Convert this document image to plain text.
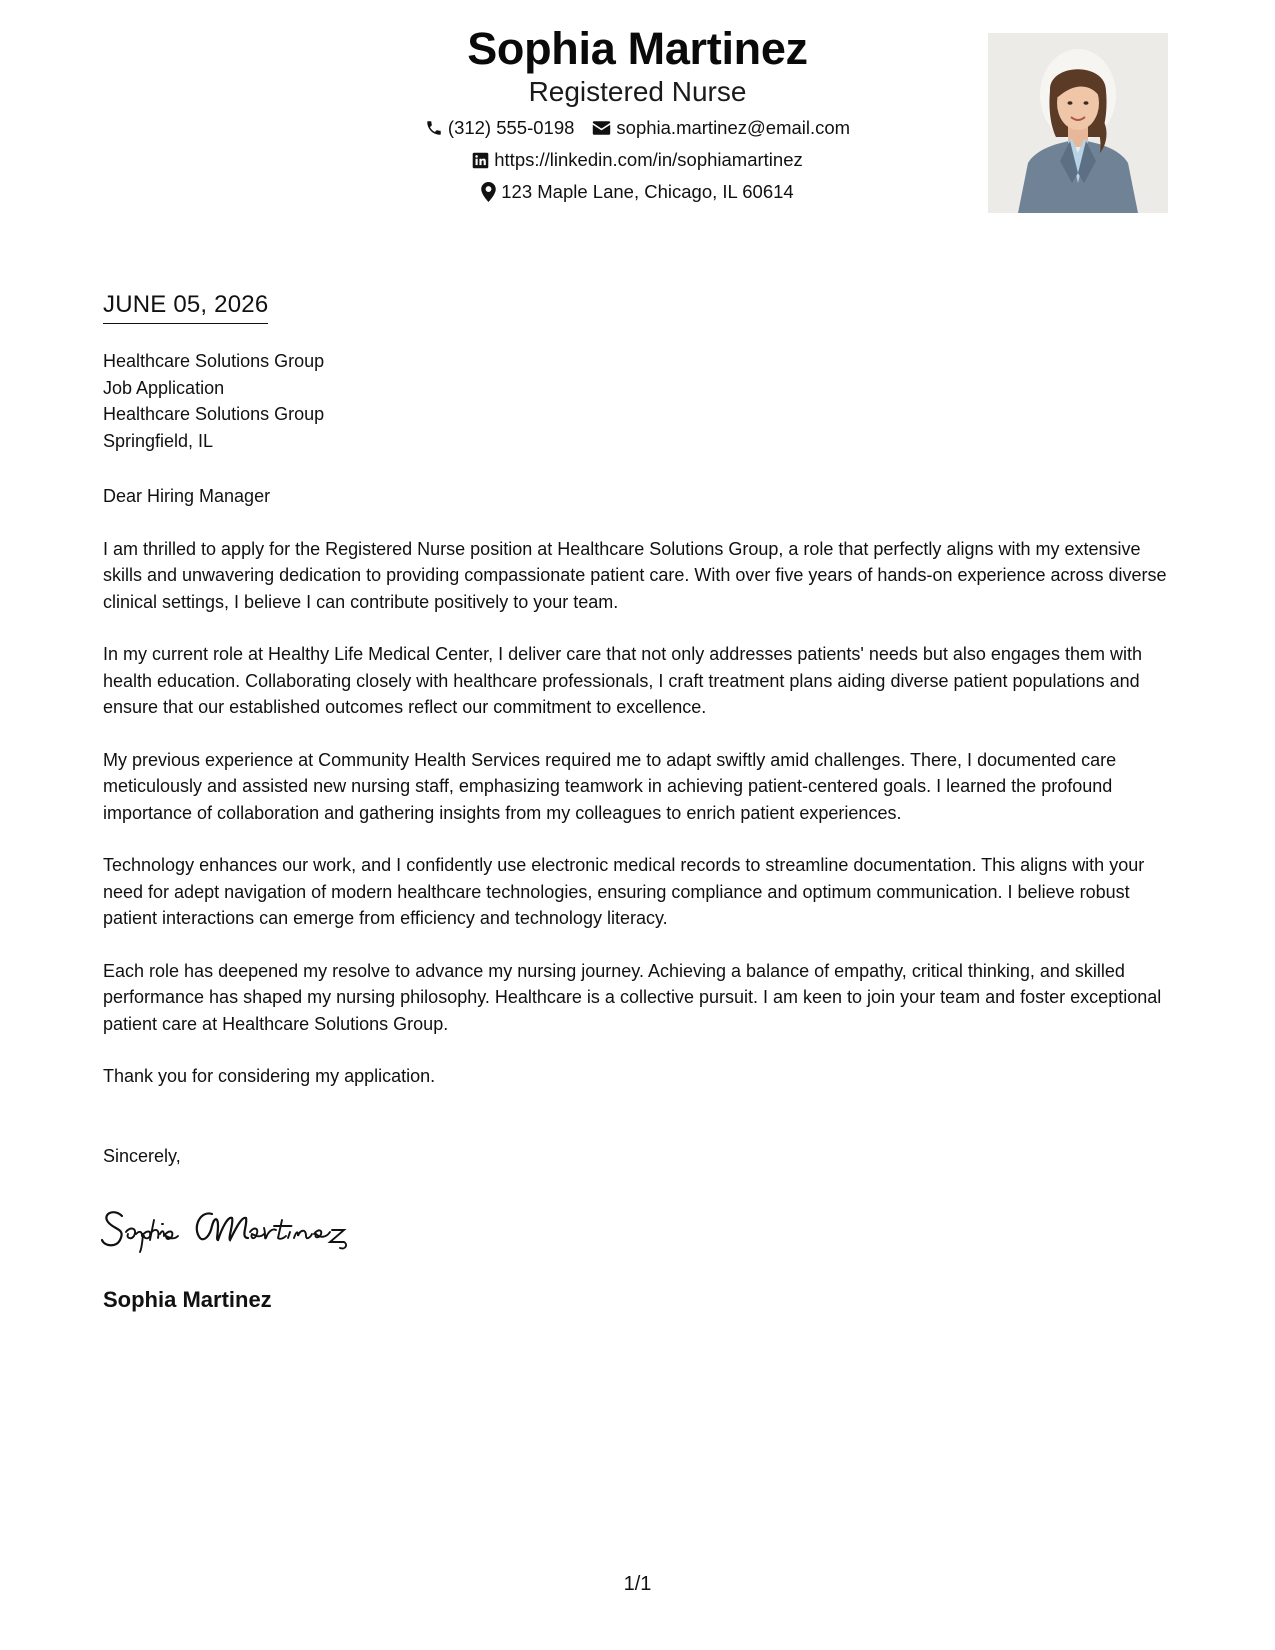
Sophia Martinez
Registered Nurse
(312) 555-0198 sophia.martinez@email.com
https://linkedin.com/in/sophiamartinez
123 Maple Lane, Chicago, IL 60614
JUNE 05, 2026
Healthcare Solutions Group
Job Application
Healthcare Solutions Group
Springfield, IL

Dear Hiring Manager

I am thrilled to apply for the Registered Nurse position at Healthcare Solutions Group, a role that perfectly aligns with my extensive skills and unwavering dedication to providing compassionate patient care. With over five years of hands-on experience across diverse clinical settings, I believe I can contribute positively to your team.

In my current role at Healthy Life Medical Center, I deliver care that not only addresses patients' needs but also engages them with health education. Collaborating closely with healthcare professionals, I craft treatment plans aiding diverse patient populations and ensure that our established outcomes reflect our commitment to excellence.

My previous experience at Community Health Services required me to adapt swiftly amid challenges. There, I documented care meticulously and assisted new nursing staff, emphasizing teamwork in achieving patient-centered goals. I learned the profound importance of collaboration and gathering insights from my colleagues to enrich patient experiences.

Technology enhances our work, and I confidently use electronic medical records to streamline documentation. This aligns with your need for adept navigation of modern healthcare technologies, ensuring compliance and optimum communication. I believe robust patient interactions can emerge from efficiency and technology literacy.

Each role has deepened my resolve to advance my nursing journey. Achieving a balance of empathy, critical thinking, and skilled performance has shaped my nursing philosophy. Healthcare is a collective pursuit. I am keen to join your team and foster exceptional patient care at Healthcare Solutions Group.

Thank you for considering my application.

Sincerely,
Sophia Martinez
1/1
